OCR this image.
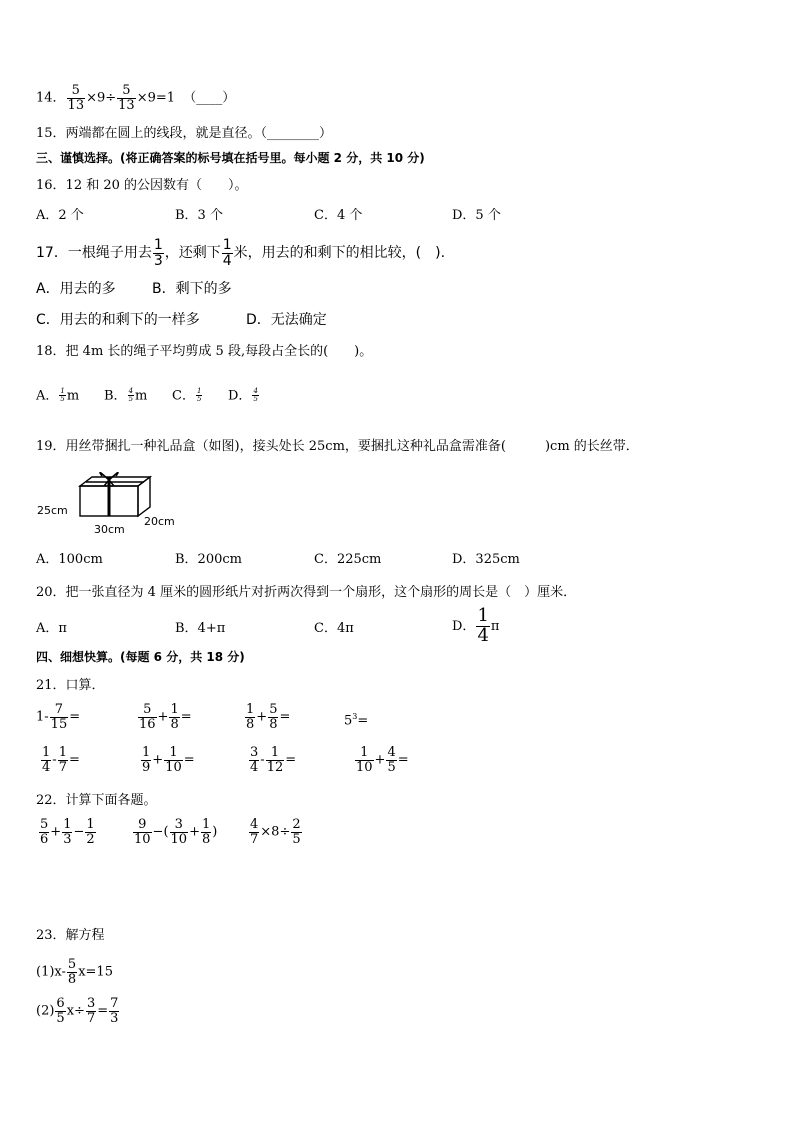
14． $\frac{5}{13} \times 9\div \frac{5}{13} \times 9=1$ （____）
15．两端都在圆上的线段，就是直径。（________）
三、谨慎选择。(将正确答案的标号填在括号里。每小题 2 分，共 10 分)
16．12 和 20 的公因数有（　　）。
A．2 个	B．3 个	C．4 个	D．5 个
17．一根绳子用去 $\frac{1}{3}$ ，还剩下 $\frac{1}{4}$ 米，用去的和剩下的相比较，(　).
A．用去的多	B．剩下的多
C．用去的和剩下的一样多	D．无法确定
18．把 4m 长的绳子平均剪成 5 段,每段占全长的(　　)。
A． $\frac{1}{5}$ m B． $\frac{4}{5}$ m C． $\frac{1}{5}$ D． $\frac{4}{5}$
19．用丝带捆扎一种礼品盒（如图)，接头处长 25cm，要捆扎这种礼品盒需准备(　　　)cm 的长丝带．
25cm
30cm
20cm
A．100cm	B．200cm	C．225cm	D．325cm
20．把一张直径为 4 厘米的圆形纸片对折两次得到一个扇形，这个扇形的周长是（　）厘米．
A．π	B．4+π	C．4π	D． $\frac{1}{4}$ π
四、细想快算。(每题 6 分，共 18 分)
21．口算．
$1- \frac{7}{15}$ =	$\frac{5}{16} + \frac{1}{8}$ =	$\frac{1}{8} + \frac{5}{8}$ =	$5^3=$
$\frac{1}{4} - \frac{1}{7}$ =	$\frac{1}{9} + \frac{1}{10}$ =	$\frac{3}{4} - \frac{1}{12}$ =	$\frac{1}{10} + \frac{4}{5}$ =
22．计算下面各题。
$\frac{5}{6} + \frac{1}{3} - \frac{1}{2}$	$\frac{9}{10}$ −( $\frac{3}{10} + \frac{1}{8}$ ) $\frac{4}{7} \times 8\div \frac{2}{5}$
23．解方程
$(1)x- \frac{5}{8} x=15$
$(2) \frac{6}{5} x\div \frac{3}{7} = \frac{7}{3}$
